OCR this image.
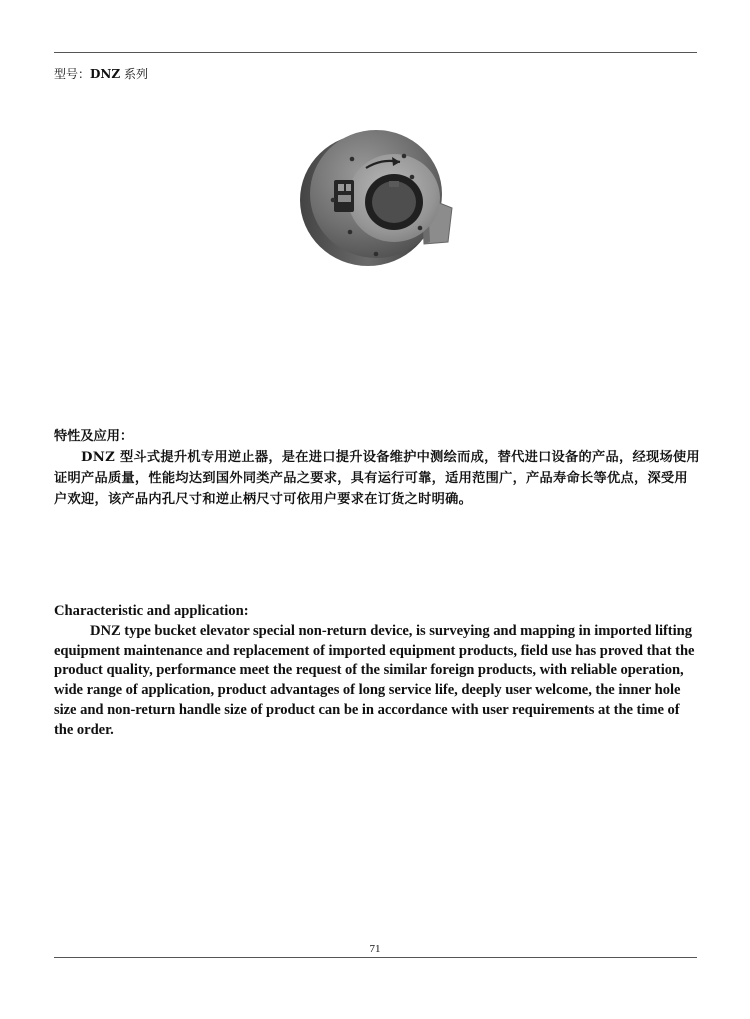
型号：DNZ 系列

特性及应用：

DNZ 型斗式提升机专用逆止器，是在进口提升设备维护中测绘而成，替代进口设备的产品，经现场使用证明产品质量，性能均达到国外同类产品之要求，具有运行可靠，适用范围广，产品寿命长等优点，深受用户欢迎，该产品内孔尺寸和逆止柄尺寸可依用户要求在订货之时明确。

Characteristic and application:

DNZ type bucket elevator special non-return device, is surveying and mapping in imported lifting equipment maintenance and replacement of imported equipment products, field use has proved that the product quality, performance meet the request of the similar foreign products, with reliable operation, wide range of application, product advantages of long service life, deeply user welcome, the inner hole size and non-return handle size of product can be in accordance with user requirements at the time of the order.

71
